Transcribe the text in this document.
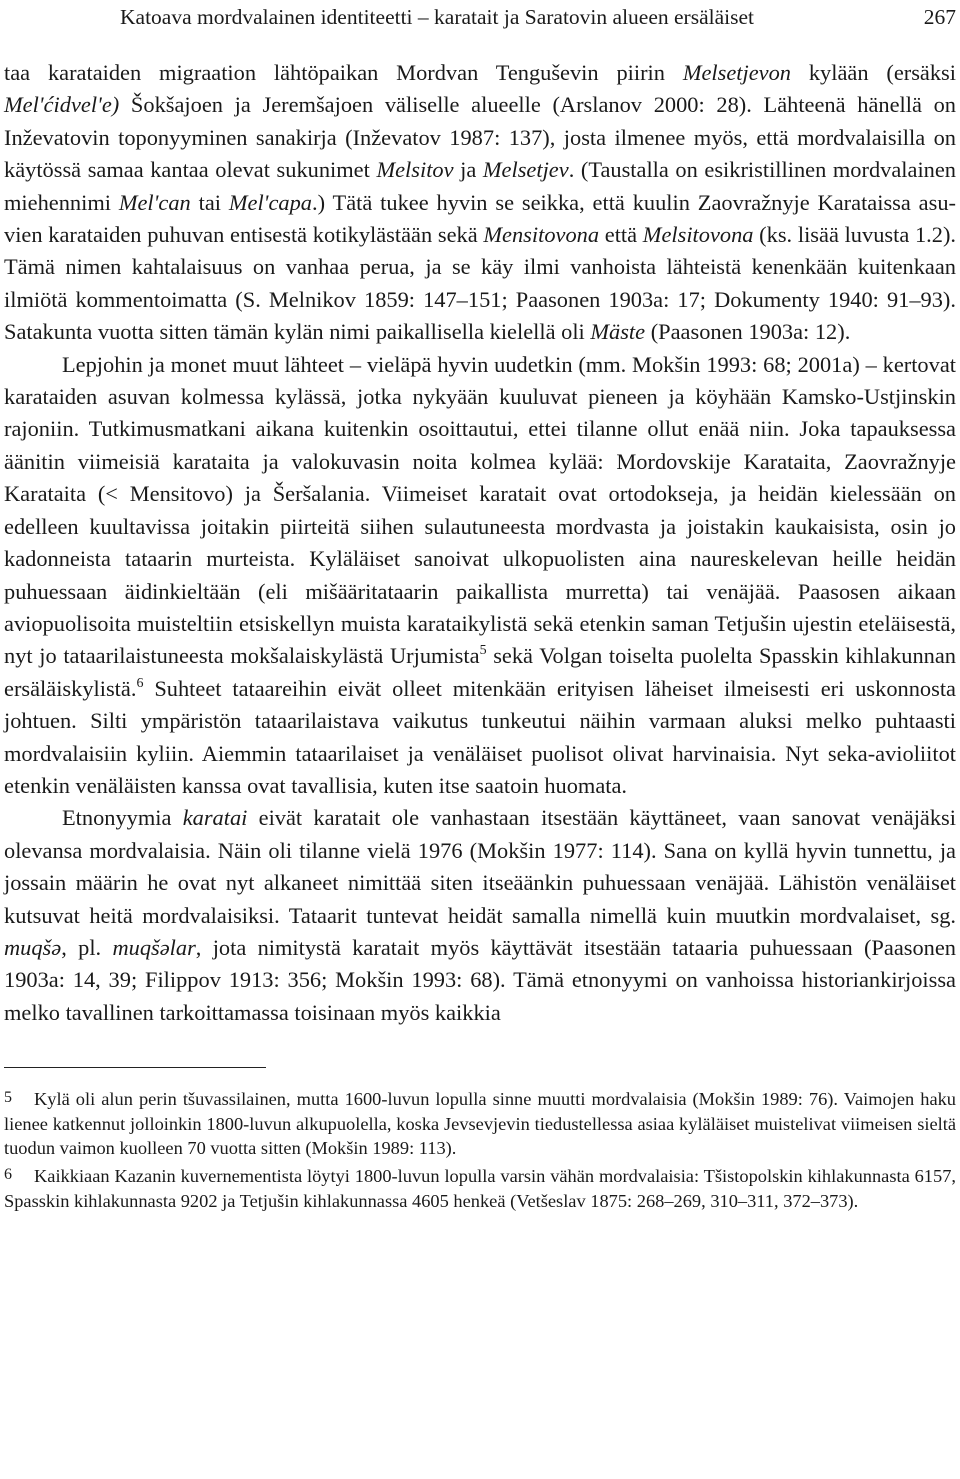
Katoava mordvalainen identiteetti – karatait ja Saratovin alueen ersäläiset	267

taa karataiden migraation lähtöpaikan Mordvan Tenguševin piirin Melsetjevon kylään (ersäksi Mel'ćidvel'e) Šokšajoen ja Jeremšajoen väliselle alueelle (Arslanov 2000: 28). Lähteenä hänellä on Inževatovin toponyyminen sanakirja (Inževatov 1987: 137), josta ilmenee myös, että mordvalaisilla on käytössä samaa kantaa olevat sukunimet Melsitov ja Melsetjev. (Taustalla on esikristillinen mordvalainen miehennimi Mel'can tai Mel'capa.) Tätä tukee hyvin se seikka, että kuulin Zaovražnyje Karataissa asuvien karataiden puhuvan entisestä kotikylästään sekä Mensitovona että Melsitovona (ks. lisää luvusta 1.2). Tämä nimen kahtalaisuus on vanhaa perua, ja se käy ilmi vanhoista lähteistä kenenkään kuitenkaan ilmiötä kommentoimatta (S. Melnikov 1859: 147–151; Paasonen 1903a: 17; Dokumenty 1940: 91–93). Satakunta vuotta sitten tämän kylän nimi paikallisella kielellä oli Mäste (Paasonen 1903a: 12).

Lepjohin ja monet muut lähteet – vieläpä hyvin uudetkin (mm. Mokšin 1993: 68; 2001a) – kertovat karataiden asuvan kolmessa kylässä, jotka nykyään kuuluvat pieneen ja köyhään Kamsko-Ustjinskin rajoniin. Tutkimusmatkani aikana kuitenkin osoittautui, ettei tilanne ollut enää niin. Joka tapauksessa äänitin viimeisiä karataita ja valokuvasin noita kolmea kylää: Mordovskije Karataita, Zaovražnyje Karataita (< Mensitovo) ja Šeršalania. Viimeiset karatait ovat ortodokseja, ja heidän kielessään on edelleen kuultavissa joitakin piirteitä siihen sulautuneesta mordvasta ja joistakin kaukaisista, osin jo kadonneista tataarin murteista. Kyläläiset sanoivat ulkopuolisten aina naureskelevan heille heidän puhuessaan äidinkieltään (eli mišääritataarin paikallista murretta) tai venäjää. Paasosen aikaan aviopuolisoita muisteltiin etsiskellyn muista karataikylistä sekä etenkin saman Tetjušin ujestin eteläisestä, nyt jo tataarilaistuneesta mokšalaiskylästä Urjumista$^5$ sekä Volgan toiselta puolelta Spasskin kihlakunnan ersäläiskylistä.$^6$ Suhteet tataareihin eivät olleet mitenkään erityisen läheiset ilmeisesti eri uskonnosta johtuen. Silti ympäristön tataarilaistava vaikutus tunkeutui näihin varmaan aluksi melko puhtaasti mordvalaisiin kyliin. Aiemmin tataarilaiset ja venäläiset puolisot olivat harvinaisia. Nyt seka-avioliitot etenkin venäläisten kanssa ovat tavallisia, kuten itse saatoin huomata.

Etnonyymia karatai eivät karatait ole vanhastaan itsestään käyttäneet, vaan sanovat venäjäksi olevansa mordvalaisia. Näin oli tilanne vielä 1976 (Mokšin 1977: 114). Sana on kyllä hyvin tunnettu, ja jossain määrin he ovat nyt alkaneet nimittää siten itseäänkin puhuessaan venäjää. Lähistön venäläiset kutsuvat heitä mordvalaisiksi. Tataarit tuntevat heidät samalla nimellä kuin muutkin mordvalaiset, sg. muqšə, pl. muqšəlar, jota nimitystä karatait myös käyttävät itsestään tataaria puhuessaan (Paasonen 1903a: 14, 39; Filippov 1913: 356; Mokšin 1993: 68). Tämä etnonyymi on vanhoissa historiankirjoissa melko tavallinen tarkoittamassa toisinaan myös kaikkia

5 Kylä oli alun perin tšuvassilainen, mutta 1600-luvun lopulla sinne muutti mordvalaisia (Mokšin 1989: 76). Vaimojen haku lienee katkennut jolloinkin 1800-luvun alkupuolella, koska Jevsevjevin tiedustellessa asiaa kyläläiset muistelivat viimeisen sieltä tuodun vaimon kuolleen 70 vuotta sitten (Mokšin 1989: 113).

6 Kaikkiaan Kazanin kuvernementista löytyi 1800-luvun lopulla varsin vähän mordvalaisia: Tšistopolskin kihlakunnasta 6157, Spasskin kihlakunnasta 9202 ja Tetjušin kihlakunnassa 4605 henkeä (Vetšeslav 1875: 268–269, 310–311, 372–373).
